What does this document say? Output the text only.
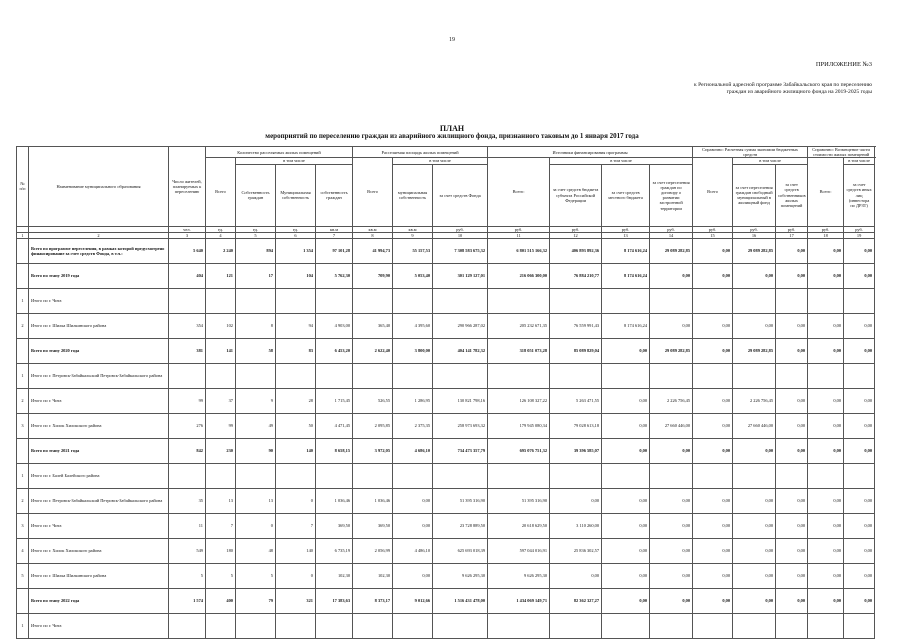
19
ПРИЛОЖЕНИЕ №3
к Региональной адресной программе Забайкальского края по переселению граждан из аварийного жилищного фонда на 2019-2025 годы
ПЛАН
мероприятий по переселению граждан из аварийного жилищного фонда, признанного таковым до 1 января 2017 года
№ п/п	Наименование муниципального образования	Число жителей, планируемых к переселению	Количество расселяемых жилых помещений				Расселяемая площадь жилых помещений			Источники финансирования программы				Справочно: Расчетная сумма экономии бюджетных средств			Справочно: Возмещение части стоимости жилых помещений	
			Всего	в том числе			Всего	в том числе		Всего:	в том числе			Всего	в том числе		Всего:	в том числе
				Собственность граждан	Муниципальная собственность	собственность граждан		муниципальная собственность	за счет средств Фонда		за счет средств бюджета субъекта Российской Федерации	за счет средств местного бюджета	за счет переселения граждан по договору о развитии застроенной территории		за счет переселения граждан свободный муниципальный в жилищный фонд	за счет средств собственников жилых помещений		за счет средств иных лиц (инвестора по ДРЗТ)
		чел.	ед.	ед.	ед.	кв.м	кв.м	кв.м	руб.	руб.	руб.	руб.	руб.	руб.	руб.	руб.	руб.	руб.
1	2	3	4	5	6	7	8	9	10	11	12	13	14	15	16	17	18	19
	Всего по программе переселения, в рамках которой предусмотрено финансирование за счет средств Фонда, в т.ч.:	5 640	2 240	894	1 354	97 101,28	41 994,73	55 157,53	7 308 583 675,32	6 801 515 166,32	406 893 892,36	8 174 616,24	29 089 282,85	0,00	29 089 282,85	0,00	0,00	0,00
	Всего по этапу 2019 года	404	121	17	104	5 762,30	709,90	5 053,40	301 129 127,01	216 066 300,00	76 884 210,77	8 174 616,24	0,00	0,00	0,00	0,00	0,00	0,00
1	Итого по г. Чита																	
2	Итого по г. Шилка Шилкинского района	354	102	8	94	4 903,00	365,40	4 395,60	290 966 287,02	205 232 671,35	76 559 991,43	8 174 616,24	0,00	0,00	0,00	0,00	0,00	0,00
	Всего по этапу 2020 года	381	141	58	83	6 453,20	2 622,40	3 800,00	404 141 782,32	318 051 073,28	85 089 829,04	0,00	29 089 282,85	0,00	29 089 282,85	0,00	0,00	0,00
1	Итого по г. Петровск-Забайкальский Петровск-Забайкальского района																	
2	Итого по г. Чита	99	37	9	28	1 715,45	526,55	1 286,95	130 821 798,16	126 108 327,22	5 263 471,55	0,00	2 226 756,45	0,00	2 226 756,45	0,00	0,00	0,00
3	Итого по г. Хилок Хилокского района	276	99	49	50	4 471,45	2 095,85	2 375,35	258 973 693,32	179 945 080,34	79 028 613,18	0,00	27 660 446,00	0,00	27 660 446,00	0,00	0,00	0,00
	Всего по этапу 2021 года	842	230	90	140	8 658,15	3 972,05	4 686,10	734 473 357,79	695 076 751,32	39 396 585,07	0,00	0,00	0,00	0,00	0,00	0,00	0,00
1	Итого по г. Балей Балейского района																	
2	Итого по г. Петровск-Забайкальский Петровск-Забайкальского района	35	13	13	0	1 036,46	1 036,46	0,00	51 395 316,90	51 395 316,90	0,00	0,00	0,00	0,00	0,00	0,00	0,00	0,00
3	Итого по г. Чита	11	7	0	7	369,50	369,50	0,00	23 728 889,50	20 618 629,50	3 110 260,00	0,00	0,00	0,00	0,00	0,00	0,00	0,00
4	Итого по г. Хилок Хилокского района	549	180	48	140	6 735,19	2 056,99	4 486,10	625 693 018,39	597 044 016,91	25 836 302,57	0,00	0,00	0,00	0,00	0,00	0,00	0,00
5	Итого по г. Шилка Шилкинского района	5	5	5	0	102,30	102,30	0,00	9 626 295,30	9 626 295,30	0,00	0,00	0,00	0,00	0,00	0,00	0,00	0,00
	Всего по этапу 2022 года	1 574	400	79	321	17 383,63	8 373,17	9 012,66	1 516 431 478,00	1 434 069 149,71	82 362 327,27	0,00	0,00	0,00	0,00	0,00	0,00	0,00
1	Итого по г. Чита																	
